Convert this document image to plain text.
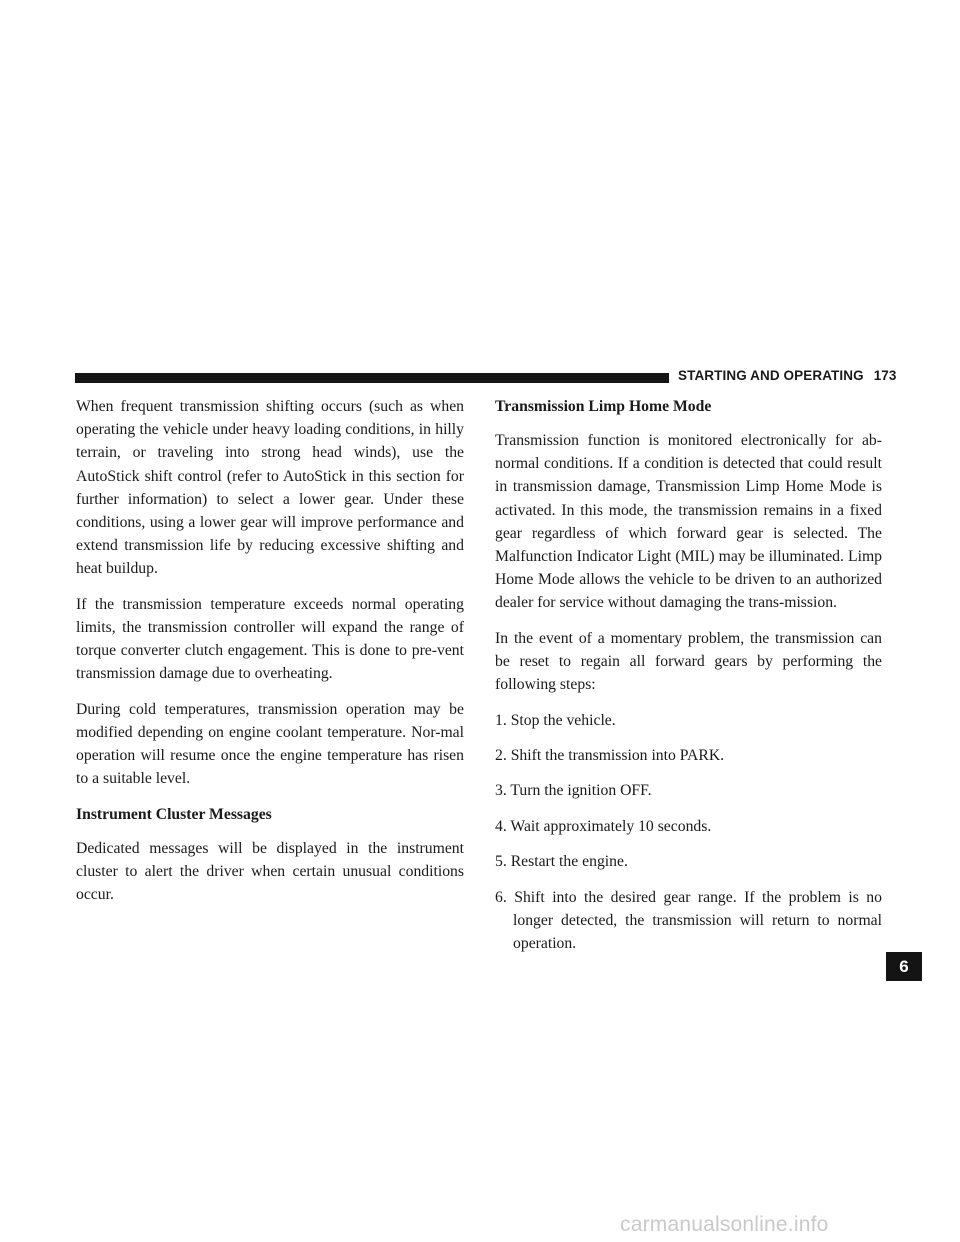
STARTING AND OPERATING 173

When frequent transmission shifting occurs (such as when operating the vehicle under heavy loading conditions, in hilly terrain, or traveling into strong head winds), use the AutoStick shift control (refer to AutoStick in this section for further information) to select a lower gear. Under these conditions, using a lower gear will improve performance and extend transmission life by reducing excessive shifting and heat buildup.

If the transmission temperature exceeds normal operating limits, the transmission controller will expand the range of torque converter clutch engagement. This is done to pre-vent transmission damage due to overheating.

During cold temperatures, transmission operation may be modified depending on engine coolant temperature. Nor-mal operation will resume once the engine temperature has risen to a suitable level.

Instrument Cluster Messages

Dedicated messages will be displayed in the instrument cluster to alert the driver when certain unusual conditions occur.

Transmission Limp Home Mode

Transmission function is monitored electronically for ab-normal conditions. If a condition is detected that could result in transmission damage, Transmission Limp Home Mode is activated. In this mode, the transmission remains in a fixed gear regardless of which forward gear is selected. The Malfunction Indicator Light (MIL) may be illuminated. Limp Home Mode allows the vehicle to be driven to an authorized dealer for service without damaging the trans-mission.

In the event of a momentary problem, the transmission can be reset to regain all forward gears by performing the following steps:

1. Stop the vehicle.
2. Shift the transmission into PARK.
3. Turn the ignition OFF.
4. Wait approximately 10 seconds.
5. Restart the engine.
6. Shift into the desired gear range. If the problem is no longer detected, the transmission will return to normal operation.
6
carmanualsonline.info
